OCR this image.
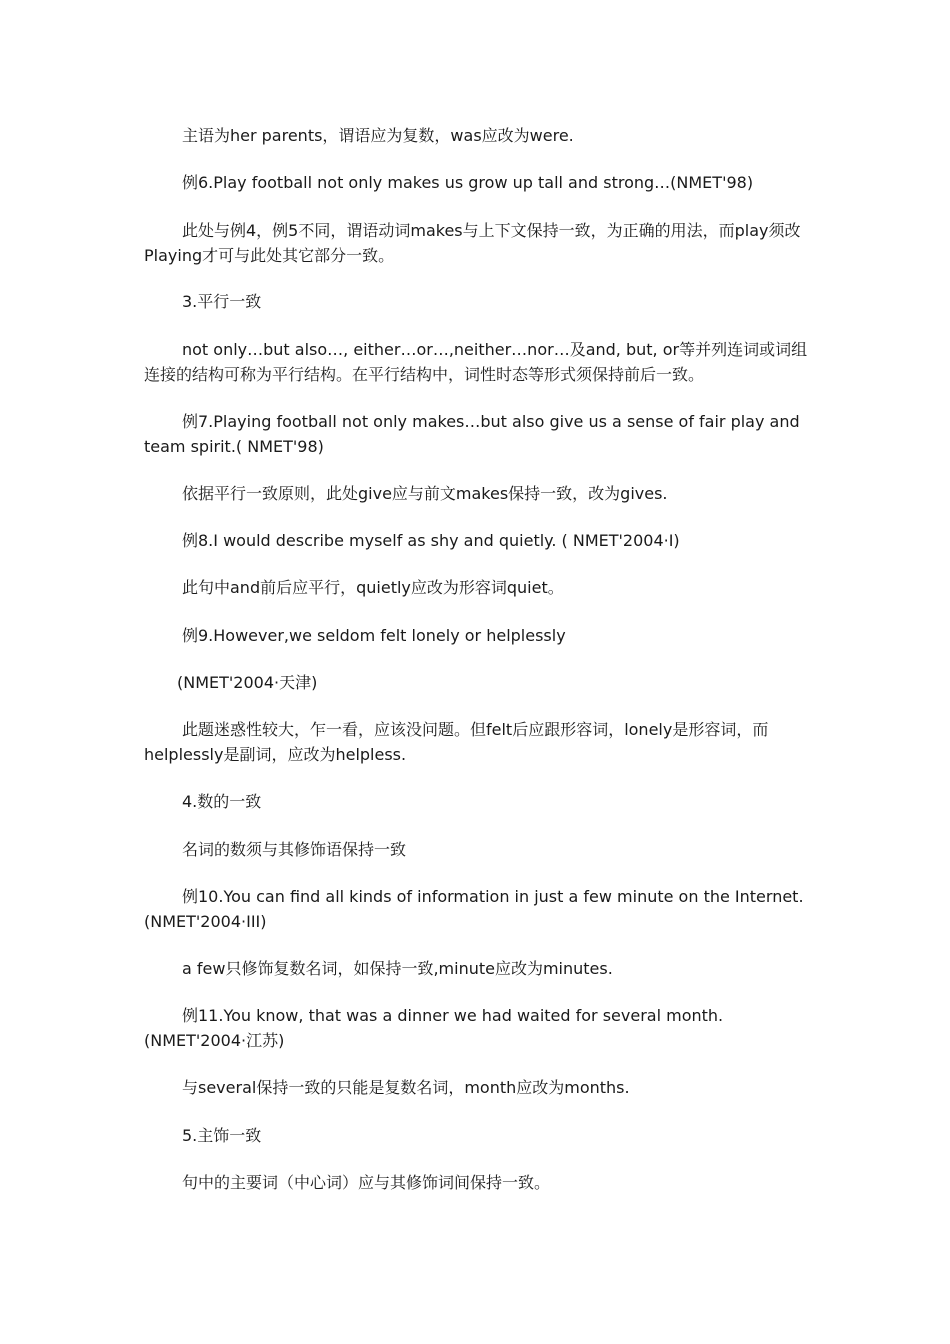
主语为her parents，谓语应为复数，was应改为were.

例6.Play football not only makes us grow up tall and strong…(NMET'98)

此处与例4，例5不同，谓语动词makes与上下文保持一致，为正确的用法，而play须改Playing才可与此处其它部分一致。

3.平行一致

not only…but also…, either…or…,neither…nor…及and, but, or等并列连词或词组连接的结构可称为平行结构。在平行结构中，词性时态等形式须保持前后一致。

例7.Playing football not only makes…but also give us a sense of fair play and team spirit.( NMET'98)

依据平行一致原则，此处give应与前文makes保持一致，改为gives.

例8.I would describe myself as shy and quietly. ( NMET'2004·I)

此句中and前后应平行，quietly应改为形容词quiet。

例9.However,we seldom felt lonely or helplessly

(NMET'2004·天津)

此题迷惑性较大，乍一看，应该没问题。但felt后应跟形容词，lonely是形容词，而helplessly是副词，应改为helpless.

4.数的一致

名词的数须与其修饰语保持一致

例10.You can find all kinds of information in just a few minute on the Internet. (NMET'2004·III)

a few只修饰复数名词，如保持一致,minute应改为minutes.

例11.You know, that was a dinner we had waited for several month.(NMET'2004·江苏)

与several保持一致的只能是复数名词，month应改为months.

5.主饰一致

句中的主要词（中心词）应与其修饰词间保持一致。
